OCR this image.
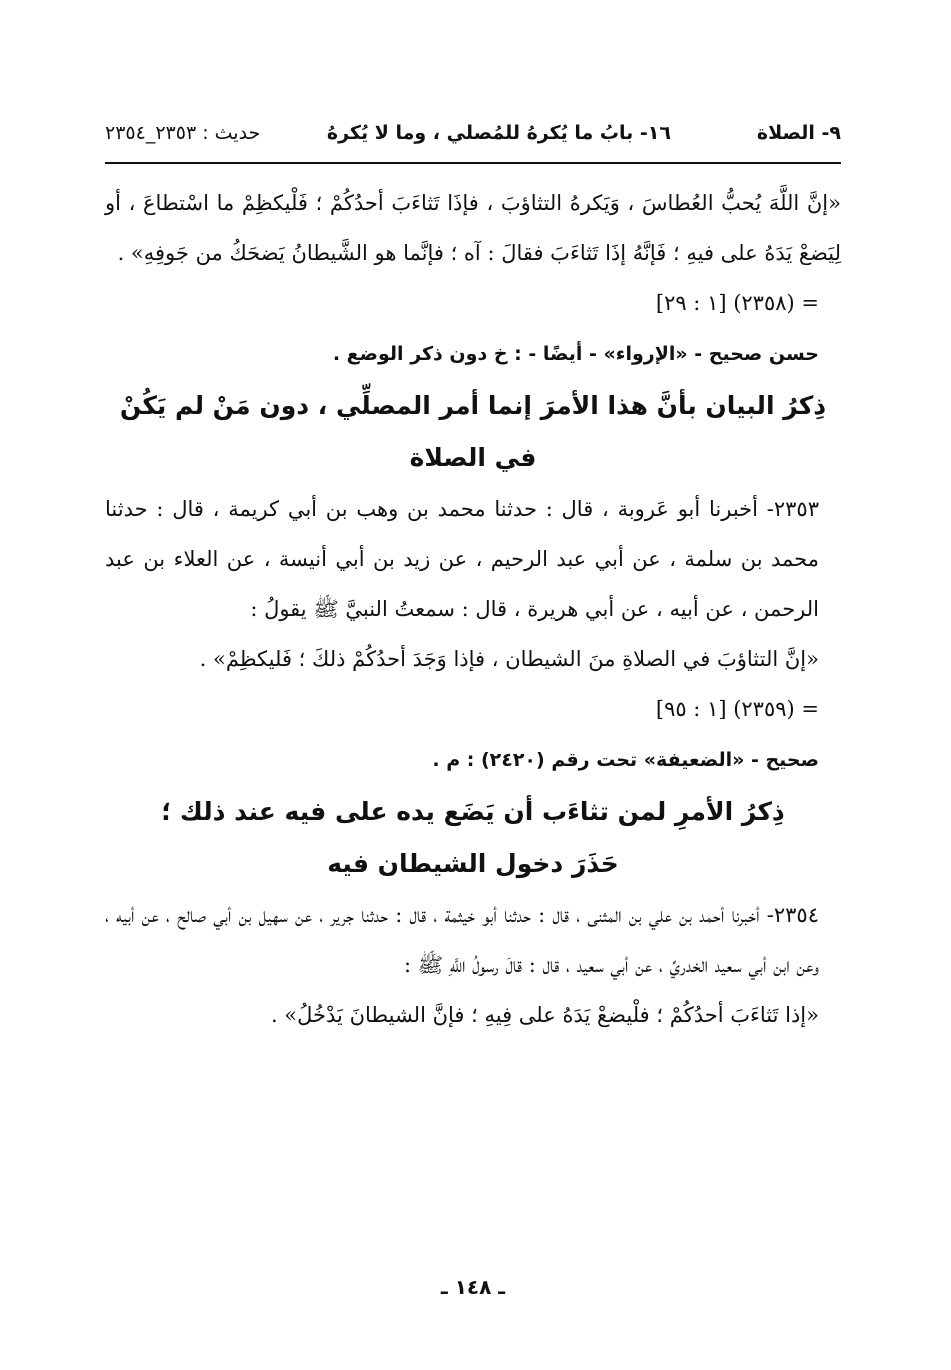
٩- الصلاة
١٦- بابُ ما يُكرهُ للمُصلي ، وما لا يُكرهُ
حديث : ٢٣٥٣_٢٣٥٤

«إنَّ اللَّهَ يُحبُّ العُطاسَ ، وَيَكرهُ التثاؤبَ ، فإذَا تَثاءَبَ أحدُكُمْ ؛ فَلْيكظِمْ ما اسْتطاعَ ، أو لِيَضعْ يَدَهُ على فيهِ ؛ فَإنَّهُ إذَا تَثاءَبَ فقالَ : آه ؛ فإنَّما هو الشَّيطانُ يَضحَكُ من جَوفِهِ» .

= (٢٣٥٨) [١ : ٢٩]

حسن صحيح - «الإرواء» - أيضًا - : خ دون ذكر الوضع .

ذِكرُ البيان بأنَّ هذا الأمرَ إنما أمر المصلِّي ، دون مَنْ لم يَكُنْ

في الصلاة

٢٣٥٣- أخبرنا أبو عَروبة ، قال : حدثنا محمد بن وهب بن أبي كريمة ، قال : حدثنا محمد بن سلمة ، عن أبي عبد الرحيم ، عن زيد بن أبي أنيسة ، عن العلاء بن عبد الرحمن ، عن أبيه ، عن أبي هريرة ، قال : سمعتُ النبيَّ ﷺ يقولُ :

«إنَّ التثاؤبَ في الصلاةِ منَ الشيطان ، فإذا وَجَدَ أحدُكُمْ ذلكَ ؛ فَليكظِمْ» .

= (٢٣٥٩) [١ : ٩٥]

صحيح - «الضعيفة» تحت رقم (٢٤٢٠) : م .

ذِكرُ الأمرِ لمن تثاءَب أن يَضَع يده على فيه عند ذلك ؛

حَذَرَ دخول الشيطان فيه

٢٣٥٤- أخبرنا أحمد بن علي بن المثنى ، قال : حدثنا أبو خيثمة ، قال : حدثنا جرير ، عن سهيل بن أبي صالح ، عن أبيه ، وعن ابن أبي سعيد الخدريِّ ، عن أبي سعيد ، قال : قالَ رسولُ اللَّهِ ﷺ :

«إذا تَثاءَبَ أحدُكُمْ ؛ فلْيضعْ يَدَهُ على فِيهِ ؛ فإنَّ الشيطانَ يَدْخُلُ» .

ـ ١٤٨ ـ
